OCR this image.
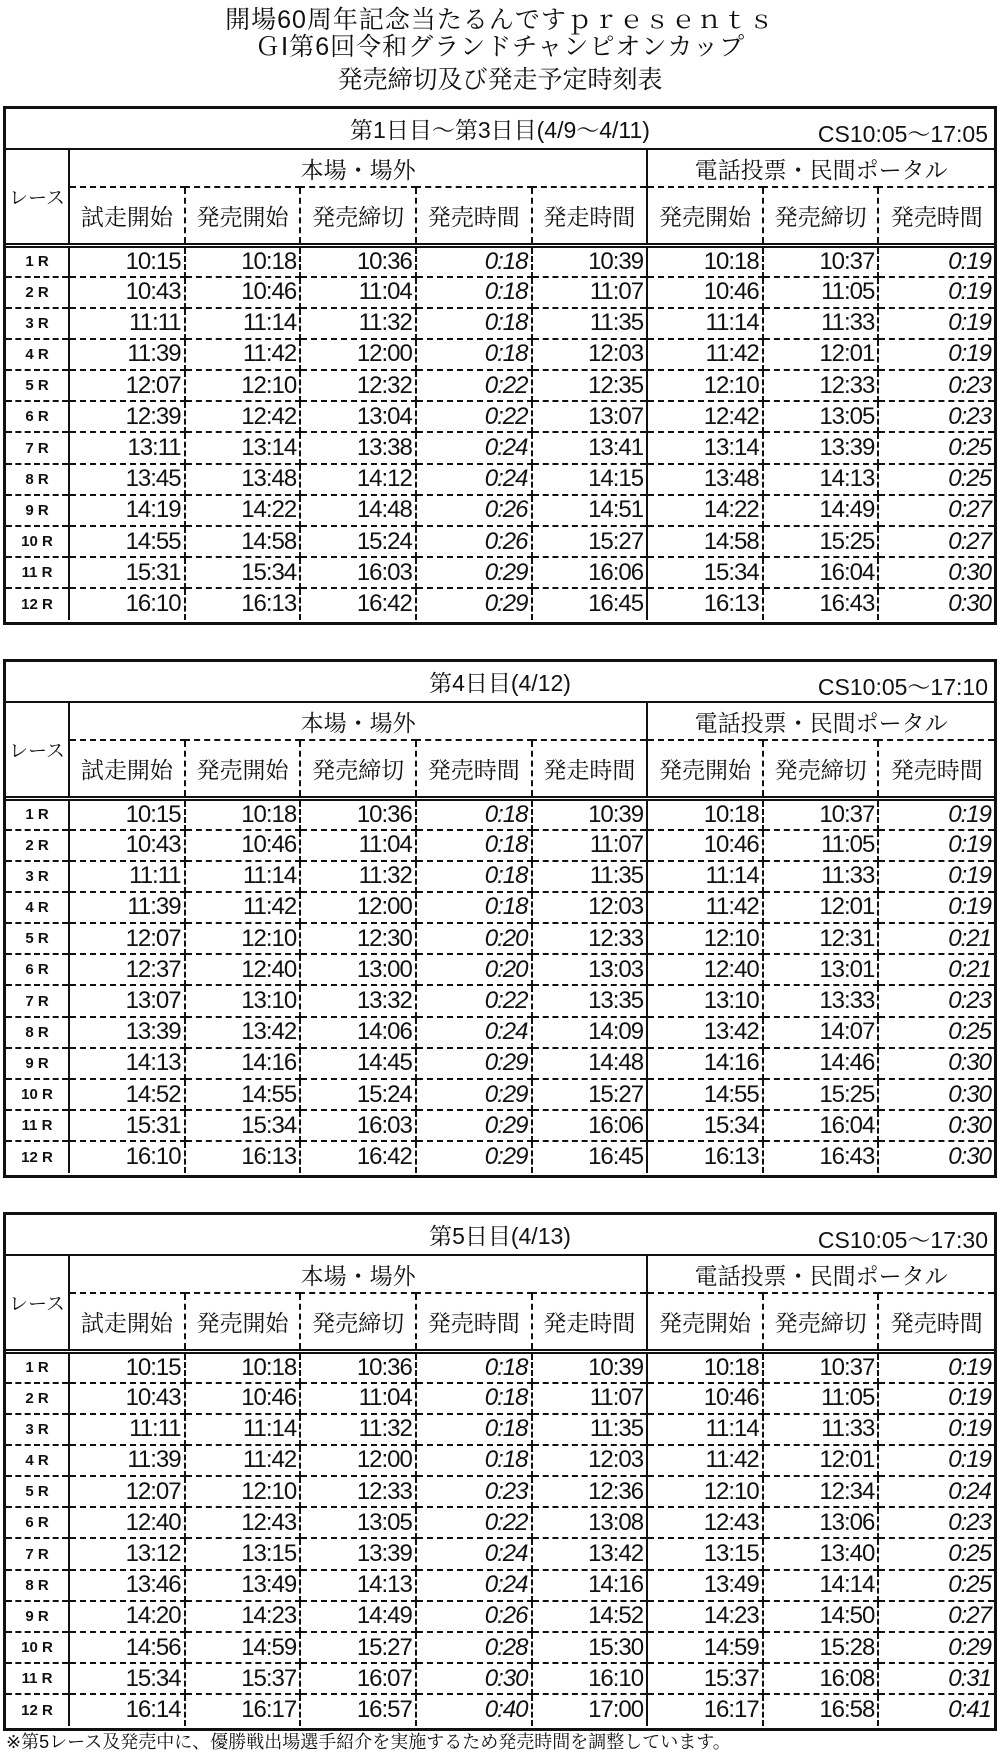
開場60周年記念当たるんですｐｒｅｓｅｎｔｓ
ＧⅠ第6回令和グランドチャンピオンカップ
発売締切及び発走予定時刻表
第1日目～第3日目(4/9～4/11) CS10:05～17:05								

レース	本場・場外					電話投票・民間ポータル		
	試走開始	発売開始	発売締切	発売時間	発走時間	発売開始	発売締切	発売時間
1 R	10:15	10:18	10:36	0:18	10:39	10:18	10:37	0:19
2 R	10:43	10:46	11:04	0:18	11:07	10:46	11:05	0:19
3 R	11:11	11:14	11:32	0:18	11:35	11:14	11:33	0:19
4 R	11:39	11:42	12:00	0:18	12:03	11:42	12:01	0:19
5 R	12:07	12:10	12:32	0:22	12:35	12:10	12:33	0:23
6 R	12:39	12:42	13:04	0:22	13:07	12:42	13:05	0:23
7 R	13:11	13:14	13:38	0:24	13:41	13:14	13:39	0:25
8 R	13:45	13:48	14:12	0:24	14:15	13:48	14:13	0:25
9 R	14:19	14:22	14:48	0:26	14:51	14:22	14:49	0:27
10 R	14:55	14:58	15:24	0:26	15:27	14:58	15:25	0:27
11 R	15:31	15:34	16:03	0:29	16:06	15:34	16:04	0:30
12 R	16:10	16:13	16:42	0:29	16:45	16:13	16:43	0:30
第4日目(4/12) CS10:05～17:10								

レース	本場・場外					電話投票・民間ポータル		
	試走開始	発売開始	発売締切	発売時間	発走時間	発売開始	発売締切	発売時間
1 R	10:15	10:18	10:36	0:18	10:39	10:18	10:37	0:19
2 R	10:43	10:46	11:04	0:18	11:07	10:46	11:05	0:19
3 R	11:11	11:14	11:32	0:18	11:35	11:14	11:33	0:19
4 R	11:39	11:42	12:00	0:18	12:03	11:42	12:01	0:19
5 R	12:07	12:10	12:30	0:20	12:33	12:10	12:31	0:21
6 R	12:37	12:40	13:00	0:20	13:03	12:40	13:01	0:21
7 R	13:07	13:10	13:32	0:22	13:35	13:10	13:33	0:23
8 R	13:39	13:42	14:06	0:24	14:09	13:42	14:07	0:25
9 R	14:13	14:16	14:45	0:29	14:48	14:16	14:46	0:30
10 R	14:52	14:55	15:24	0:29	15:27	14:55	15:25	0:30
11 R	15:31	15:34	16:03	0:29	16:06	15:34	16:04	0:30
12 R	16:10	16:13	16:42	0:29	16:45	16:13	16:43	0:30
第5日目(4/13) CS10:05～17:30								

レース	本場・場外					電話投票・民間ポータル		
	試走開始	発売開始	発売締切	発売時間	発走時間	発売開始	発売締切	発売時間
1 R	10:15	10:18	10:36	0:18	10:39	10:18	10:37	0:19
2 R	10:43	10:46	11:04	0:18	11:07	10:46	11:05	0:19
3 R	11:11	11:14	11:32	0:18	11:35	11:14	11:33	0:19
4 R	11:39	11:42	12:00	0:18	12:03	11:42	12:01	0:19
5 R	12:07	12:10	12:33	0:23	12:36	12:10	12:34	0:24
6 R	12:40	12:43	13:05	0:22	13:08	12:43	13:06	0:23
7 R	13:12	13:15	13:39	0:24	13:42	13:15	13:40	0:25
8 R	13:46	13:49	14:13	0:24	14:16	13:49	14:14	0:25
9 R	14:20	14:23	14:49	0:26	14:52	14:23	14:50	0:27
10 R	14:56	14:59	15:27	0:28	15:30	14:59	15:28	0:29
11 R	15:34	15:37	16:07	0:30	16:10	15:37	16:08	0:31
12 R	16:14	16:17	16:57	0:40	17:00	16:17	16:58	0:41
※第5レース及発売中に、優勝戦出場選手紹介を実施するため発売時間を調整しています。
